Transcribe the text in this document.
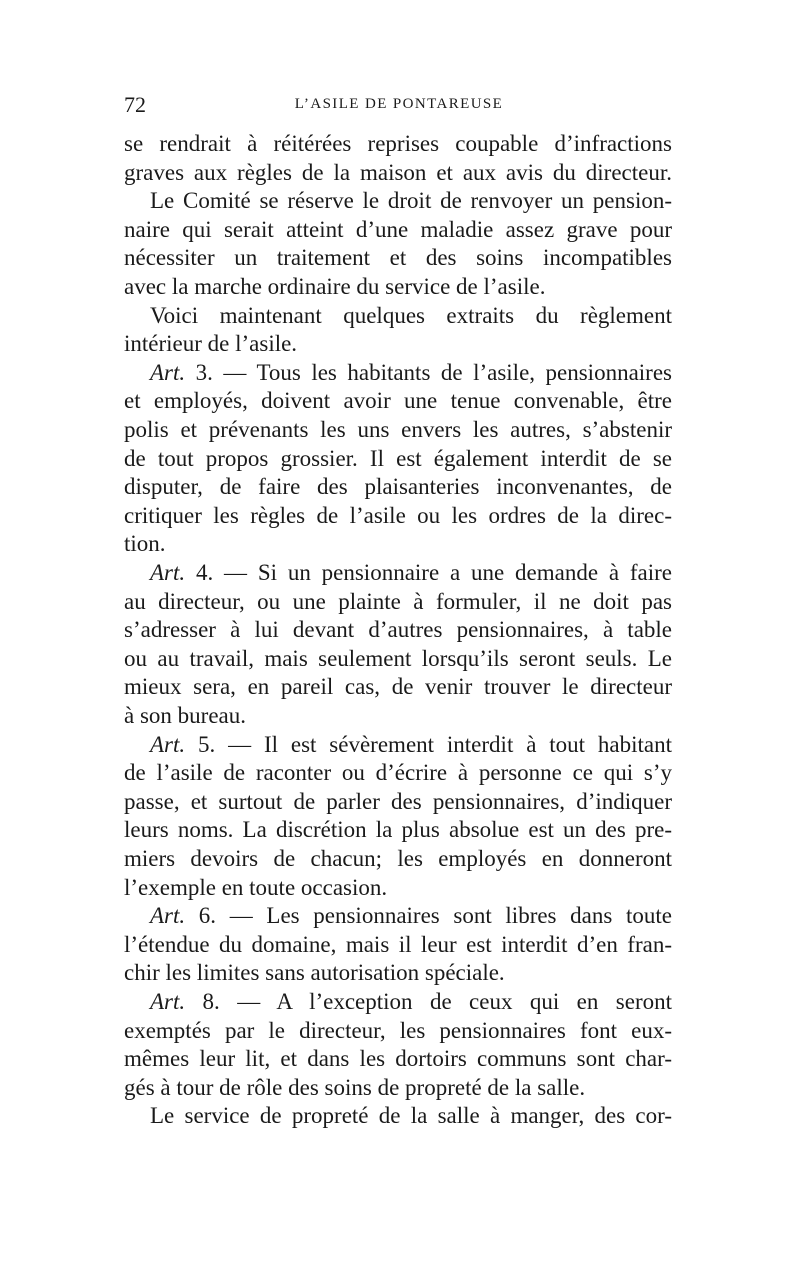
72	L’ASILE DE PONTAREUSE
se rendrait à réitérées reprises coupable d’infractions
graves aux règles de la maison et aux avis du directeur.
Le Comité se réserve le droit de renvoyer un pension-
naire qui serait atteint d’une maladie assez grave pour
nécessiter un traitement et des soins incompatibles
avec la marche ordinaire du service de l’asile.
Voici maintenant quelques extraits du règlement
intérieur de l’asile.
Art. 3. — Tous les habitants de l’asile, pensionnaires
et employés, doivent avoir une tenue convenable, être
polis et prévenants les uns envers les autres, s’abstenir
de tout propos grossier. Il est également interdit de se
disputer, de faire des plaisanteries inconvenantes, de
critiquer les règles de l’asile ou les ordres de la direc-
tion.
Art. 4. — Si un pensionnaire a une demande à faire
au directeur, ou une plainte à formuler, il ne doit pas
s’adresser à lui devant d’autres pensionnaires, à table
ou au travail, mais seulement lorsqu’ils seront seuls. Le
mieux sera, en pareil cas, de venir trouver le directeur
à son bureau.
Art. 5. — Il est sévèrement interdit à tout habitant
de l’asile de raconter ou d’écrire à personne ce qui s’y
passe, et surtout de parler des pensionnaires, d’indiquer
leurs noms. La discrétion la plus absolue est un des pre-
miers devoirs de chacun; les employés en donneront
l’exemple en toute occasion.
Art. 6. — Les pensionnaires sont libres dans toute
l’étendue du domaine, mais il leur est interdit d’en fran-
chir les limites sans autorisation spéciale.
Art. 8. — A l’exception de ceux qui en seront
exemptés par le directeur, les pensionnaires font eux-
mêmes leur lit, et dans les dortoirs communs sont char-
gés à tour de rôle des soins de propreté de la salle.
Le service de propreté de la salle à manger, des cor-
